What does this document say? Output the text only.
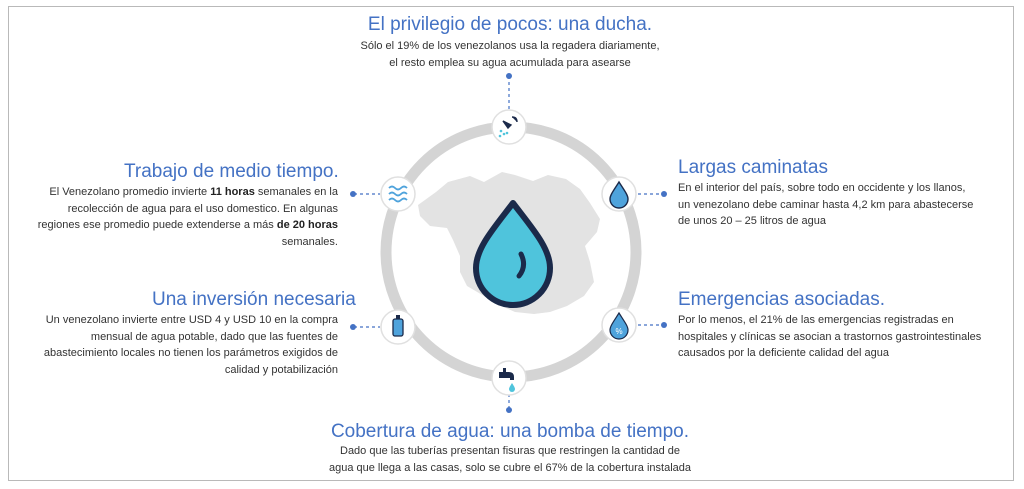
%
El privilegio de pocos: una ducha.
Sólo el 19% de los venezolanos usa la regadera diariamente,
el resto emplea su agua acumulada para asearse
Trabajo de medio tiempo.
El Venezolano promedio invierte 11 horas semanales en la
recolección de agua para el uso domestico. En algunas
regiones ese promedio puede extenderse a más de 20 horas
semanales.
Largas caminatas
En el interior del país, sobre todo en occidente y los llanos,
un venezolano debe caminar hasta 4,2 km para abastecerse
de unos 20 – 25 litros de agua
Una inversión necesaria
Un venezolano invierte entre USD 4 y USD 10 en la compra
mensual de agua potable, dado que las fuentes de
abastecimiento locales no tienen los parámetros exigidos de
calidad y potabilización
Emergencias asociadas.
Por lo menos, el 21% de las emergencias registradas en
hospitales y clínicas se asocian a trastornos gastrointestinales
causados por la deficiente calidad del agua
Cobertura de agua: una bomba de tiempo.
Dado que las tuberías presentan fisuras que restringen la cantidad de
agua que llega a las casas, solo se cubre el 67% de la cobertura instalada
